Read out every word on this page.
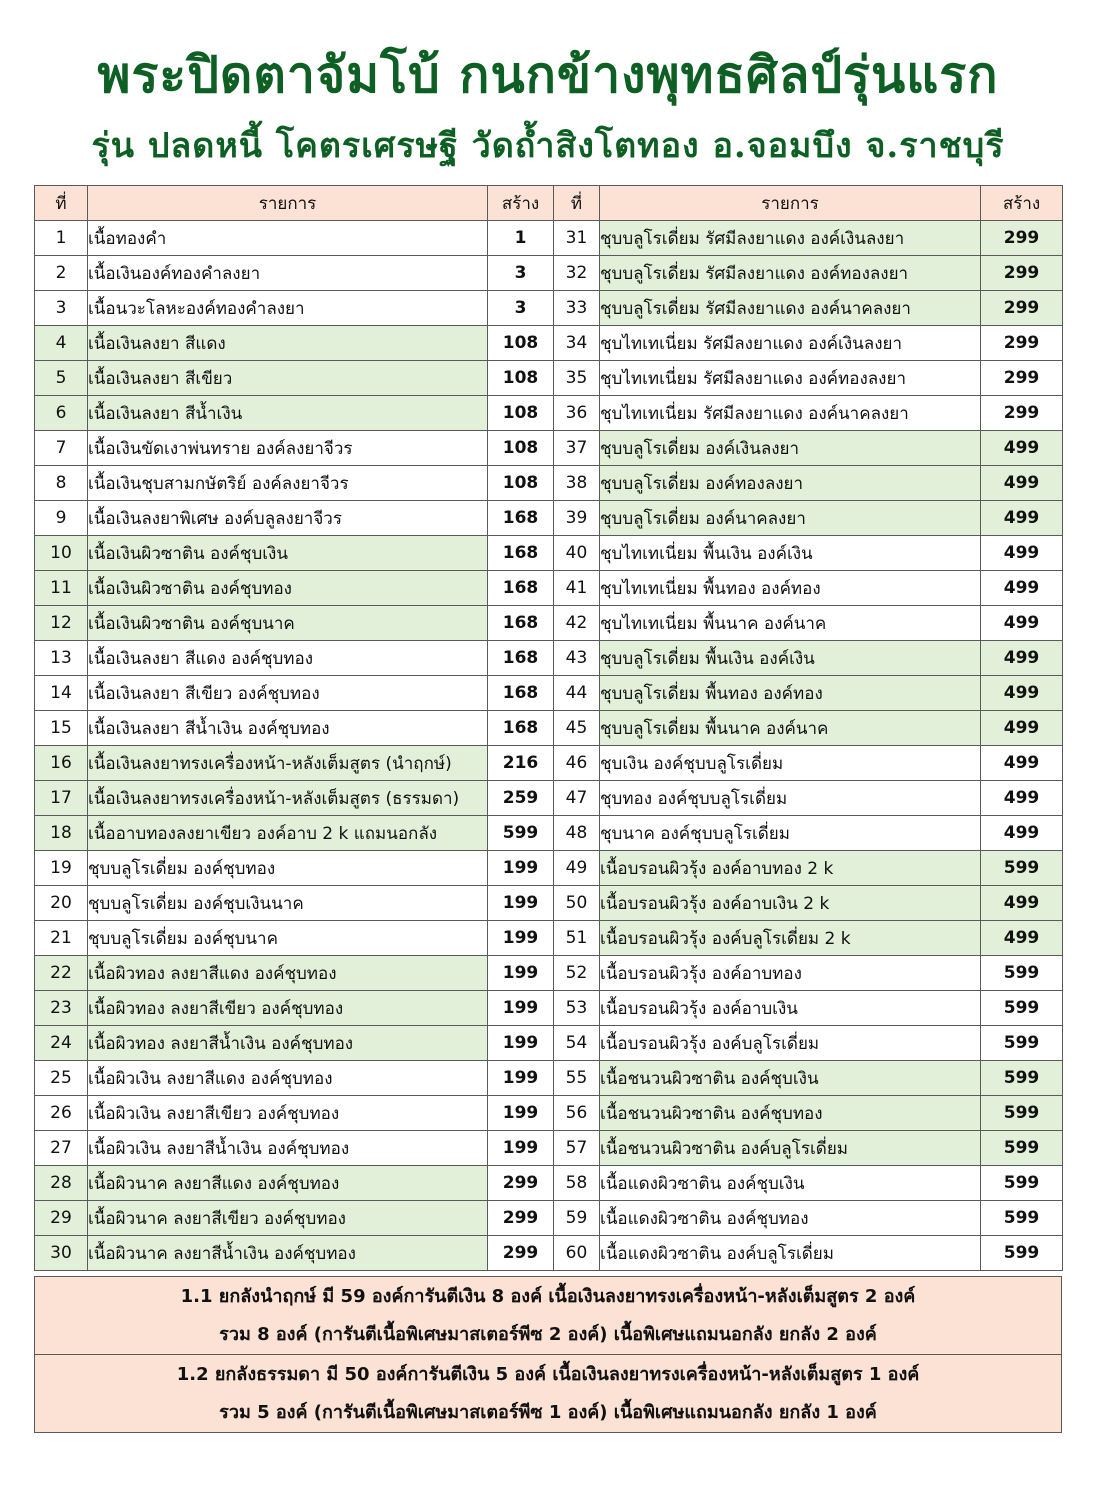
พระปิดตาจัมโบ้ กนกข้างพุทธศิลป์รุ่นแรก
รุ่น ปลดหนี้ โคตรเศรษฐี วัดถ้ำสิงโตทอง อ.จอมบึง จ.ราชบุรี
ที่	รายการ	สร้าง	ที่	รายการ	สร้าง
1	เนื้อทองคำ	1	31	ชุบบลูโรเดี่ยม รัศมีลงยาแดง องค์เงินลงยา	299
2	เนื้อเงินองค์ทองคำลงยา	3	32	ชุบบลูโรเดี่ยม รัศมีลงยาแดง องค์ทองลงยา	299
3	เนื้อนวะโลหะองค์ทองคำลงยา	3	33	ชุบบลูโรเดี่ยม รัศมีลงยาแดง องค์นาคลงยา	299
4	เนื้อเงินลงยา สีแดง	108	34	ชุบไทเทเนี่ยม รัศมีลงยาแดง องค์เงินลงยา	299
5	เนื้อเงินลงยา สีเขียว	108	35	ชุบไทเทเนี่ยม รัศมีลงยาแดง องค์ทองลงยา	299
6	เนื้อเงินลงยา สีน้ำเงิน	108	36	ชุบไทเทเนี่ยม รัศมีลงยาแดง องค์นาคลงยา	299
7	เนื้อเงินขัดเงาพ่นทราย องค์ลงยาจีวร	108	37	ชุบบลูโรเดี่ยม องค์เงินลงยา	499
8	เนื้อเงินชุบสามกษัตริย์ องค์ลงยาจีวร	108	38	ชุบบลูโรเดี่ยม องค์ทองลงยา	499
9	เนื้อเงินลงยาพิเศษ องค์บลูลงยาจีวร	168	39	ชุบบลูโรเดี่ยม องค์นาคลงยา	499
10	เนื้อเงินผิวซาติน องค์ชุบเงิน	168	40	ชุบไทเทเนี่ยม พื้นเงิน องค์เงิน	499
11	เนื้อเงินผิวซาติน องค์ชุบทอง	168	41	ชุบไทเทเนี่ยม พื้นทอง องค์ทอง	499
12	เนื้อเงินผิวซาติน องค์ชุบนาค	168	42	ชุบไทเทเนี่ยม พื้นนาค องค์นาค	499
13	เนื้อเงินลงยา สีแดง องค์ชุบทอง	168	43	ชุบบลูโรเดี่ยม พื้นเงิน องค์เงิน	499
14	เนื้อเงินลงยา สีเขียว องค์ชุบทอง	168	44	ชุบบลูโรเดี่ยม พื้นทอง องค์ทอง	499
15	เนื้อเงินลงยา สีน้ำเงิน องค์ชุบทอง	168	45	ชุบบลูโรเดี่ยม พื้นนาค องค์นาค	499
16	เนื้อเงินลงยาทรงเครื่องหน้า-หลังเต็มสูตร (นำฤกษ์)	216	46	ชุบเงิน องค์ชุบบลูโรเดี่ยม	499
17	เนื้อเงินลงยาทรงเครื่องหน้า-หลังเต็มสูตร (ธรรมดา)	259	47	ชุบทอง องค์ชุบบลูโรเดี่ยม	499
18	เนื้ออาบทองลงยาเขียว องค์อาบ 2 k แถมนอกลัง	599	48	ชุบนาค องค์ชุบบลูโรเดี่ยม	499
19	ชุบบลูโรเดี่ยม องค์ชุบทอง	199	49	เนื้อบรอนผิวรุ้ง องค์อาบทอง 2 k	599
20	ชุบบลูโรเดี่ยม องค์ชุบเงินนาค	199	50	เนื้อบรอนผิวรุ้ง องค์อาบเงิน 2 k	499
21	ชุบบลูโรเดี่ยม องค์ชุบนาค	199	51	เนื้อบรอนผิวรุ้ง องค์บลูโรเดี่ยม 2 k	499
22	เนื้อผิวทอง ลงยาสีแดง องค์ชุบทอง	199	52	เนื้อบรอนผิวรุ้ง องค์อาบทอง	599
23	เนื้อผิวทอง ลงยาสีเขียว องค์ชุบทอง	199	53	เนื้อบรอนผิวรุ้ง องค์อาบเงิน	599
24	เนื้อผิวทอง ลงยาสีน้ำเงิน องค์ชุบทอง	199	54	เนื้อบรอนผิวรุ้ง องค์บลูโรเดี่ยม	599
25	เนื้อผิวเงิน ลงยาสีแดง องค์ชุบทอง	199	55	เนื้อชนวนผิวซาติน องค์ชุบเงิน	599
26	เนื้อผิวเงิน ลงยาสีเขียว องค์ชุบทอง	199	56	เนื้อชนวนผิวซาติน องค์ชุบทอง	599
27	เนื้อผิวเงิน ลงยาสีน้ำเงิน องค์ชุบทอง	199	57	เนื้อชนวนผิวซาติน องค์บลูโรเดี่ยม	599
28	เนื้อผิวนาค ลงยาสีแดง องค์ชุบทอง	299	58	เนื้อแดงผิวซาติน องค์ชุบเงิน	599
29	เนื้อผิวนาค ลงยาสีเขียว องค์ชุบทอง	299	59	เนื้อแดงผิวซาติน องค์ชุบทอง	599
30	เนื้อผิวนาค ลงยาสีน้ำเงิน องค์ชุบทอง	299	60	เนื้อแดงผิวซาติน องค์บลูโรเดี่ยม	599
1.1 ยกลังนำฤกษ์ มี 59 องค์การันตีเงิน 8 องค์ เนื้อเงินลงยาทรงเครื่องหน้า-หลังเต็มสูตร 2 องค์
รวม 8 องค์ (การันตีเนื้อพิเศษมาสเตอร์พีซ 2 องค์) เนื้อพิเศษแถมนอกลัง ยกลัง 2 องค์

1.2 ยกลังธรรมดา มี 50 องค์การันตีเงิน 5 องค์ เนื้อเงินลงยาทรงเครื่องหน้า-หลังเต็มสูตร 1 องค์
รวม 5 องค์ (การันตีเนื้อพิเศษมาสเตอร์พีซ 1 องค์) เนื้อพิเศษแถมนอกลัง ยกลัง 1 องค์
